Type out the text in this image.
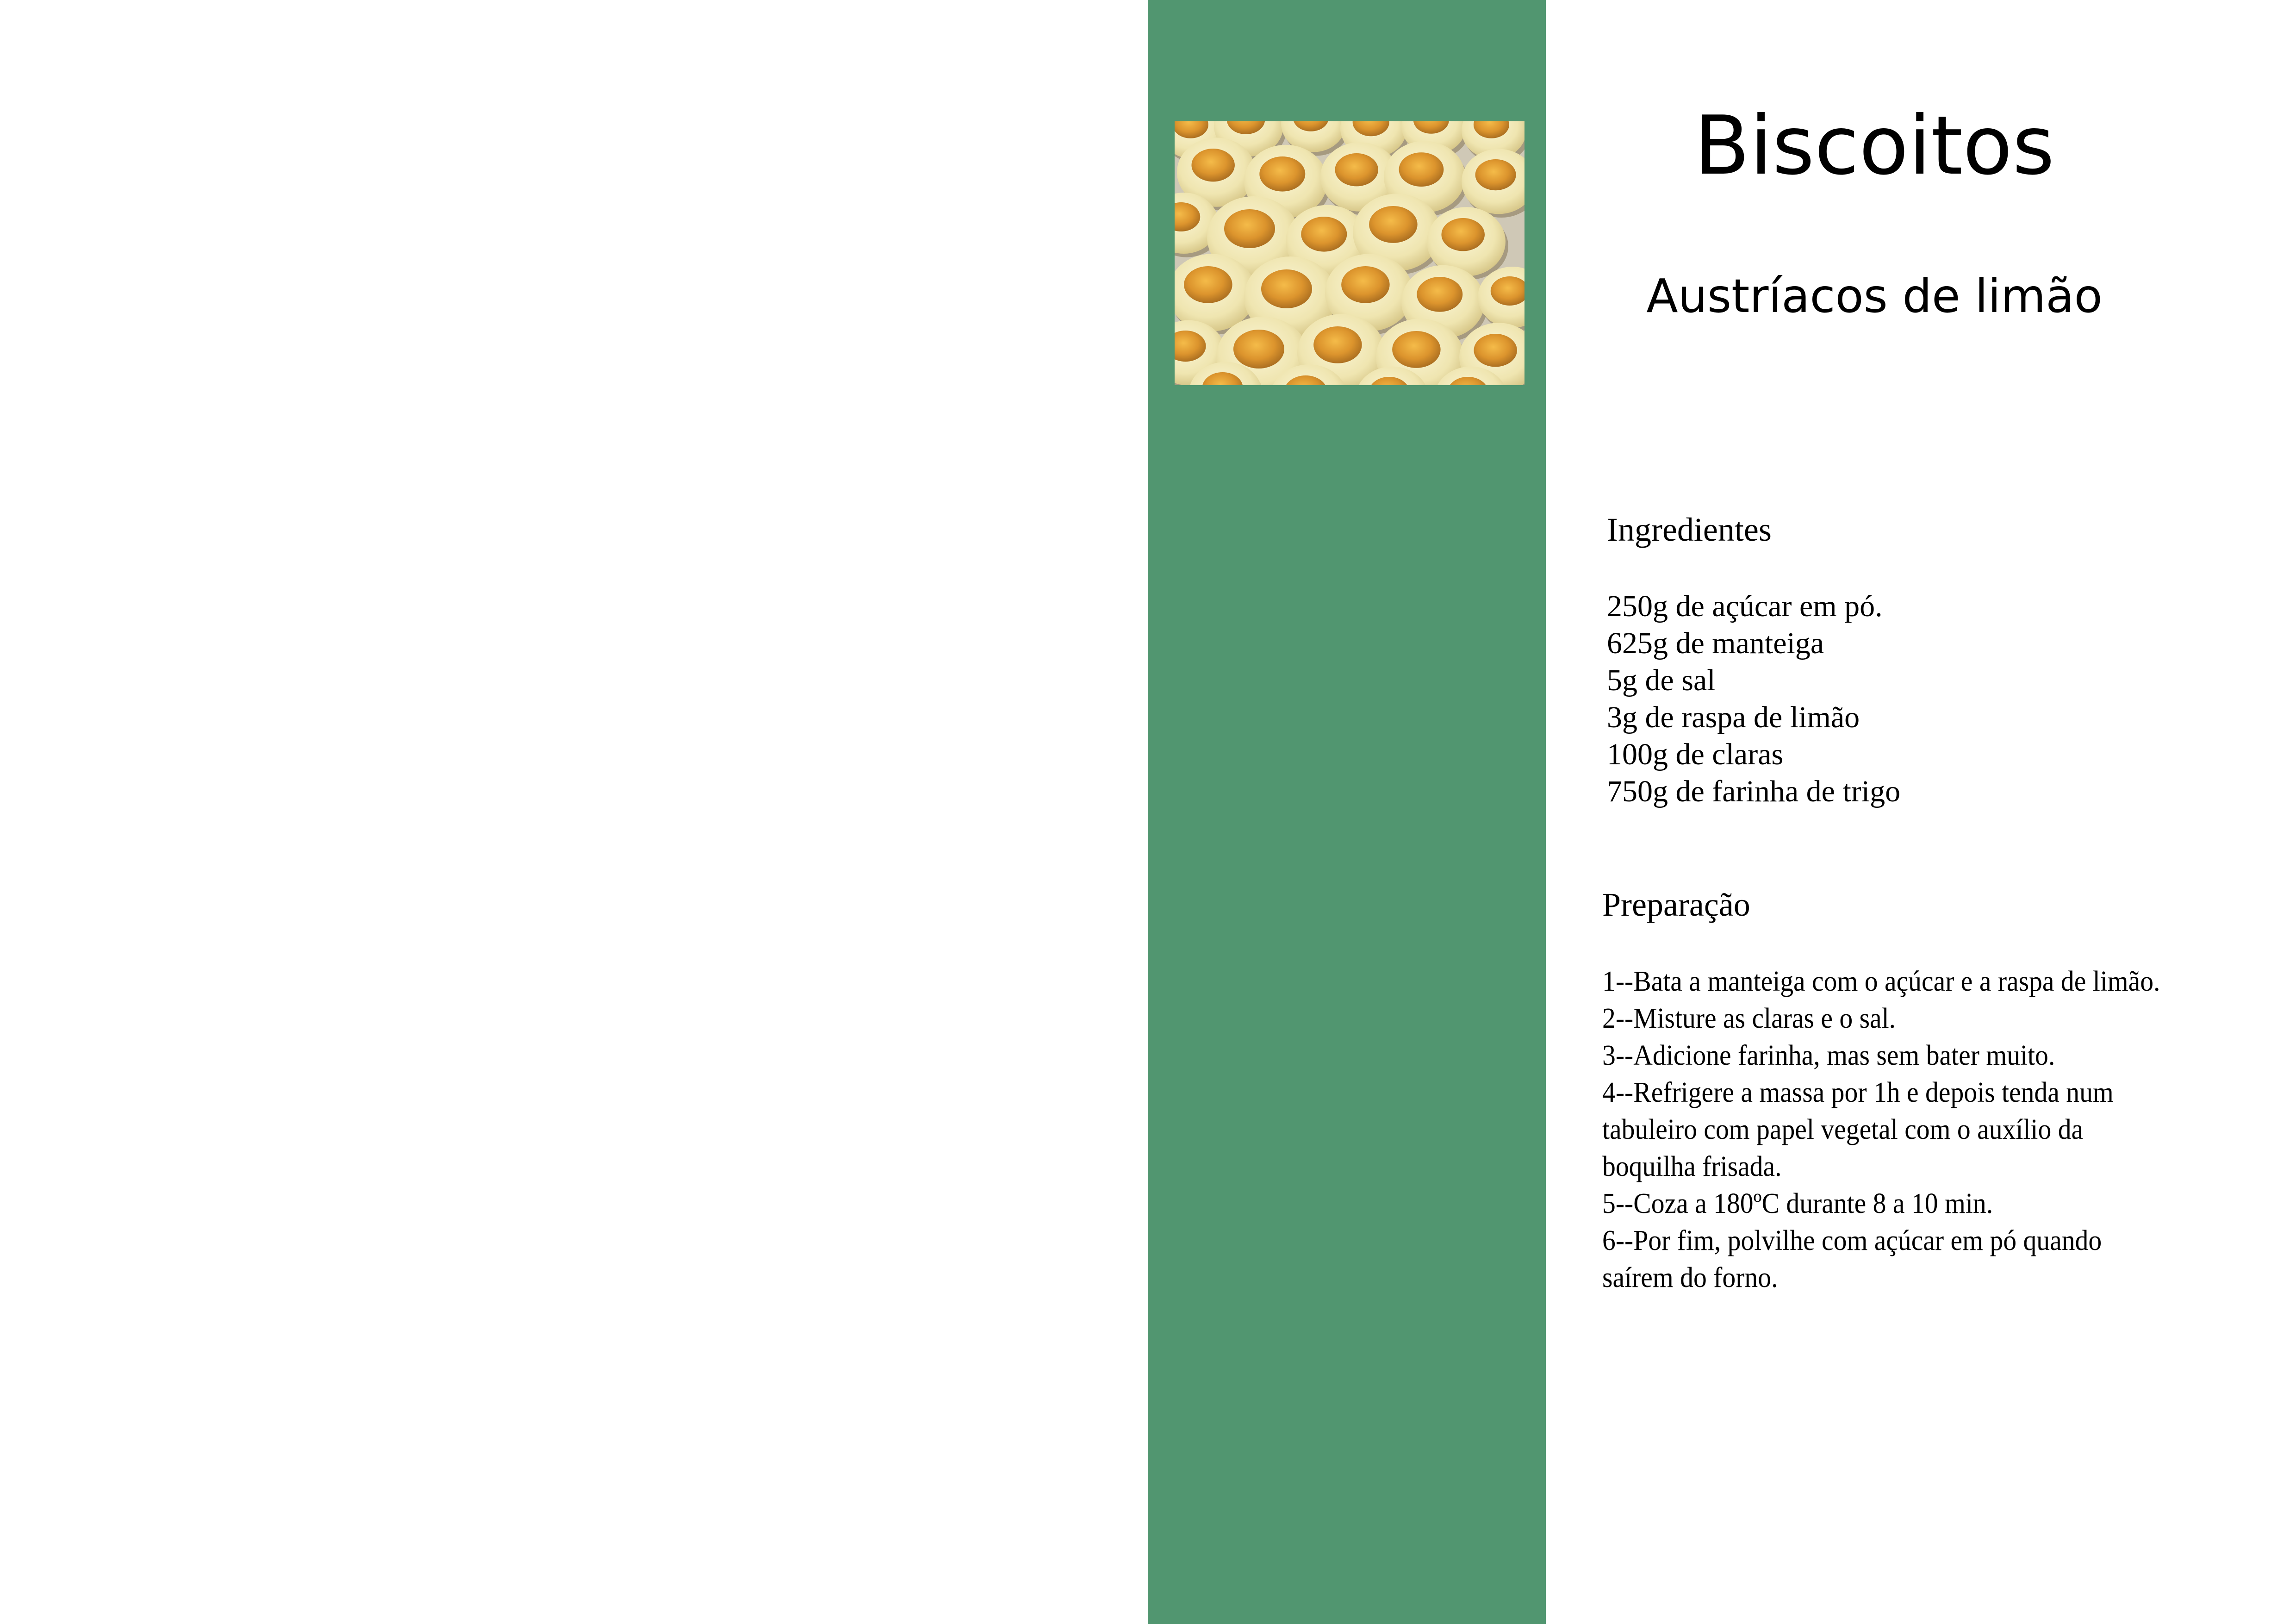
Biscoitos
Austríacos de limão
Ingredientes
250g de açúcar em pó.
625g de manteiga
5g de sal
3g de raspa de limão
100g de claras
750g de farinha de trigo
Preparação
1--Bata a manteiga com o açúcar e a raspa de limão.
2--Misture as claras e o sal.
3--Adicione farinha, mas sem bater muito.
4--Refrigere a massa por 1h e depois tenda num tabuleiro com papel vegetal com o auxílio da boquilha frisada.
5--Coza a 180ºC durante 8 a 10 min.
6--Por fim, polvilhe com açúcar em pó quando saírem do forno.
